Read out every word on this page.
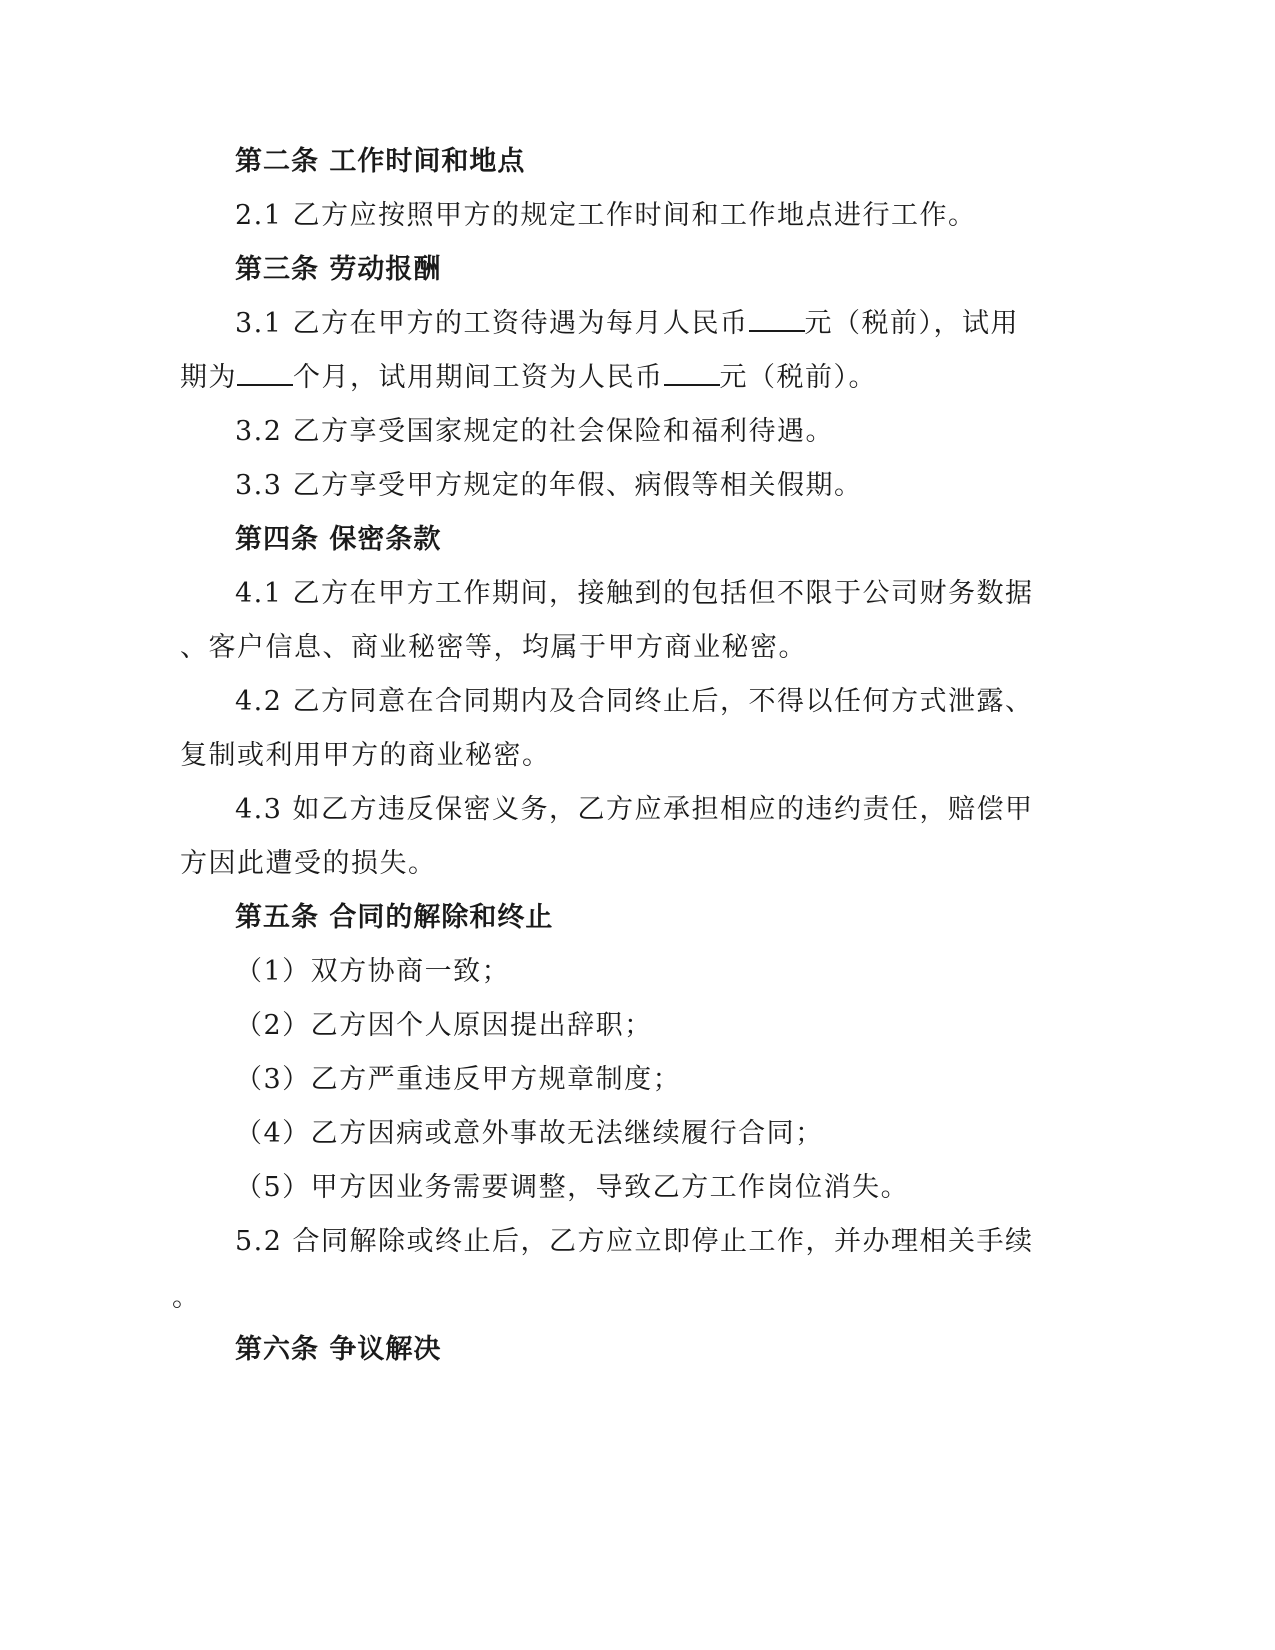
第二条 工作时间和地点
2.1 乙方应按照甲方的规定工作时间和工作地点进行工作。
第三条 劳动报酬
3.1 乙方在甲方的工资待遇为每月人民币 元（税前），试用
期为 个月，试用期间工资为人民币 元（税前）。
3.2 乙方享受国家规定的社会保险和福利待遇。
3.3 乙方享受甲方规定的年假、病假等相关假期。
第四条 保密条款
4.1 乙方在甲方工作期间，接触到的包括但不限于公司财务数据
、客户信息、商业秘密等，均属于甲方商业秘密。
4.2 乙方同意在合同期内及合同终止后，不得以任何方式泄露、
复制或利用甲方的商业秘密。
4.3 如乙方违反保密义务，乙方应承担相应的违约责任，赔偿甲
方因此遭受的损失。
第五条 合同的解除和终止
（1）双方协商一致；
（2）乙方因个人原因提出辞职；
（3）乙方严重违反甲方规章制度；
（4）乙方因病或意外事故无法继续履行合同；
（5）甲方因业务需要调整，导致乙方工作岗位消失。
5.2 合同解除或终止后，乙方应立即停止工作，并办理相关手续
。
第六条 争议解决
